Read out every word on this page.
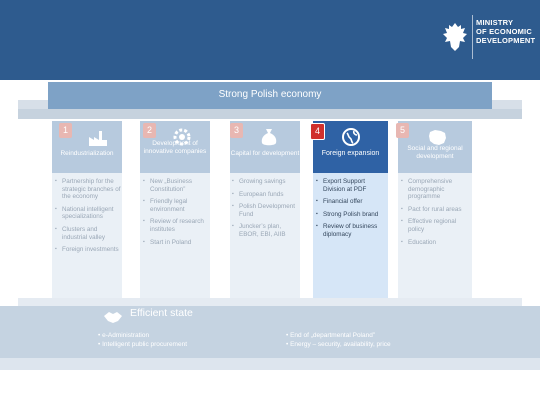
MINISTRY
OF ECONOMIC
DEVELOPMENT
Strong Polish economy
1
Reindustrialization
▪ Partnership for the strategic branches of the economy
▪ National intelligent specializations
▪ Clusters and industrial valley
▪ Foreign investments
2
Development of innovative companies
▪ New „Business Constitution”
▪ Friendly legal environment
▪ Review of research institutes
▪ Start in Poland
3
Capital for development
▪ Growing savings
▪ European funds
▪ Polish Development Fund
▪ Juncker’s plan, EBOR, EBI, AIIB
4
Foreign expansion
▪ Export Support Division at PDF
▪ Financial offer
▪ Strong Polish brand
▪ Review of business diplomacy
5
Social and regional development
▪ Comprehensive demographic programme
▪ Pact for rural areas
▪ Effective regional policy
▪ Education
Efficient state
• e-Administration
• Intelligent public procurement
• End of „departmental Poland”
• Energy – security, availability, price
